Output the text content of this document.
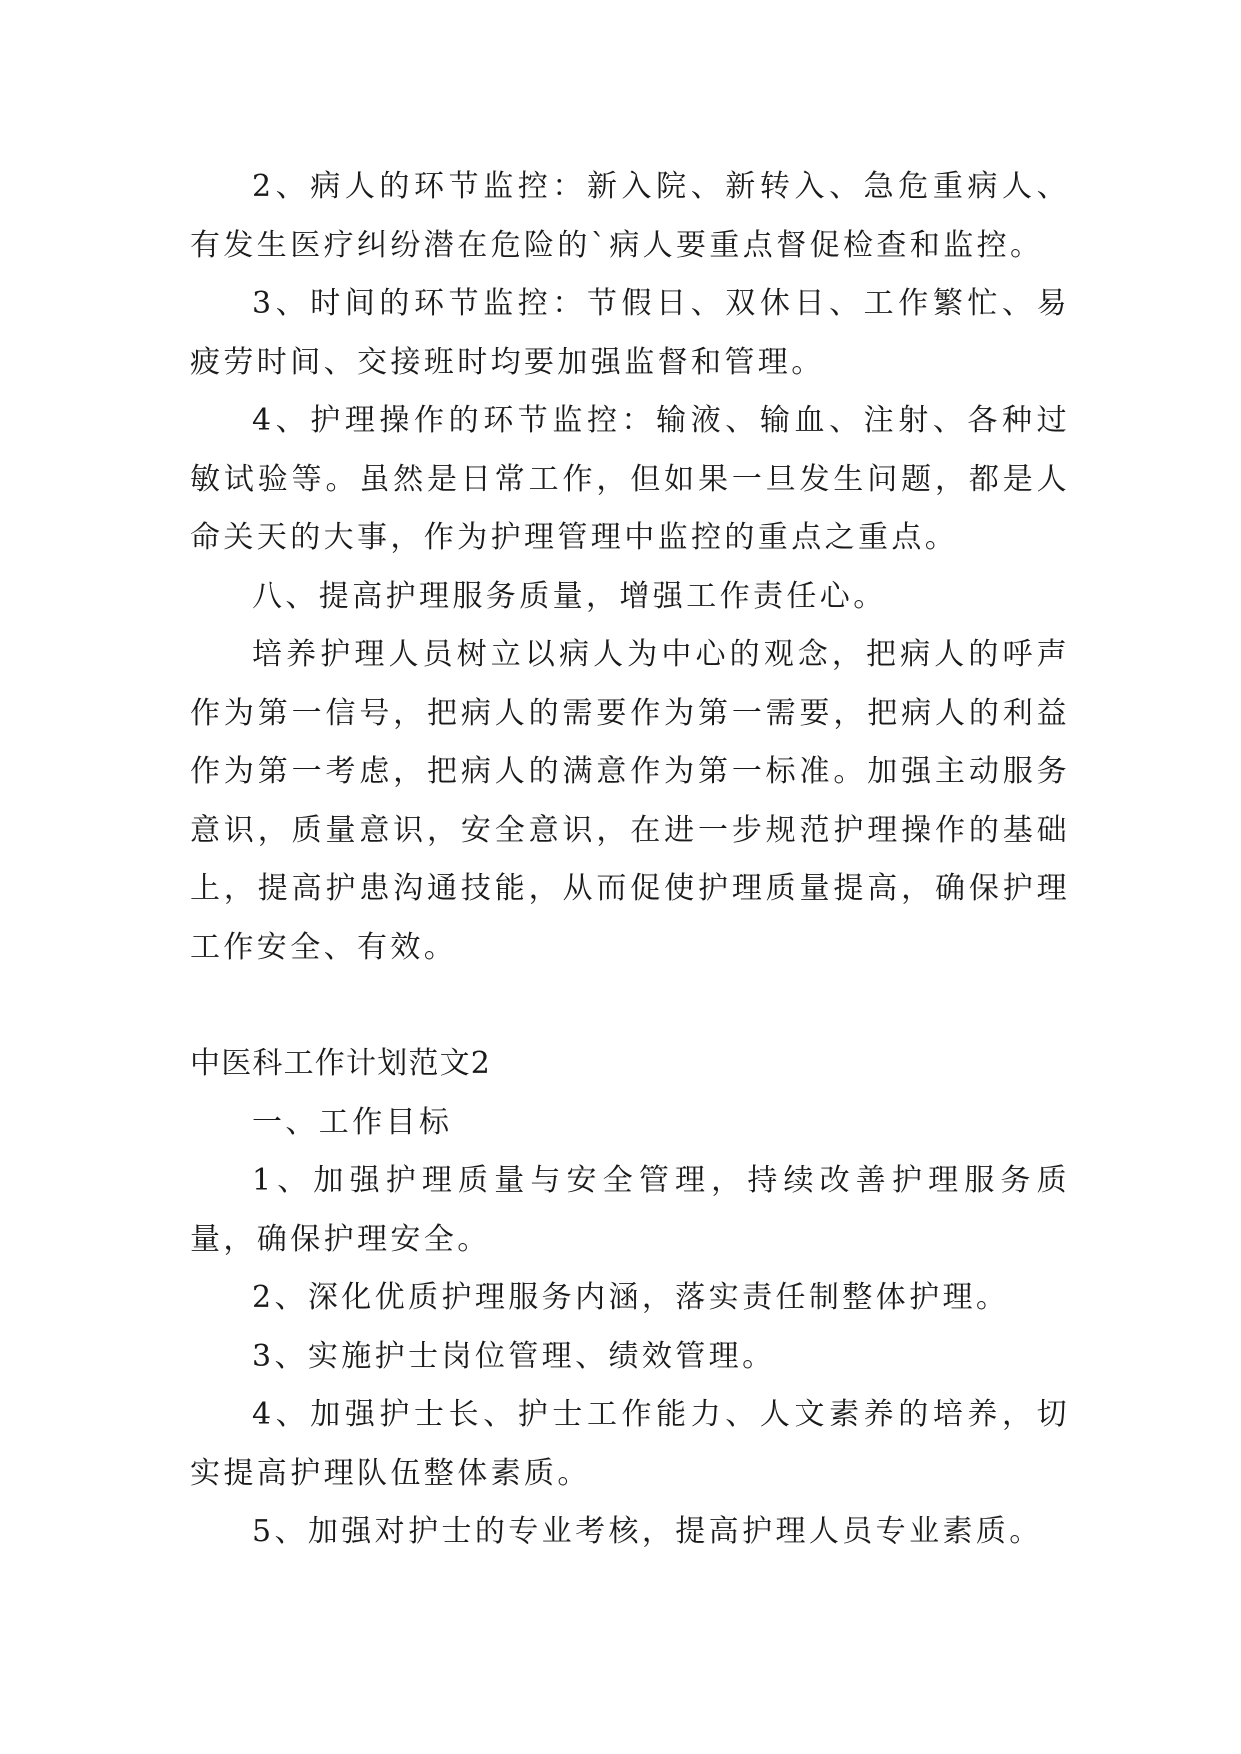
2、病人的环节监控：新入院、新转入、急危重病人、有发生医疗纠纷潜在危险的`病人要重点督促检查和监控。

3、时间的环节监控：节假日、双休日、工作繁忙、易疲劳时间、交接班时均要加强监督和管理。

4、护理操作的环节监控：输液、输血、注射、各种过敏试验等。虽然是日常工作，但如果一旦发生问题，都是人命关天的大事，作为护理管理中监控的重点之重点。

八、提高护理服务质量，增强工作责任心。

培养护理人员树立以病人为中心的观念，把病人的呼声作为第一信号，把病人的需要作为第一需要，把病人的利益作为第一考虑，把病人的满意作为第一标准。加强主动服务意识，质量意识，安全意识，在进一步规范护理操作的基础上，提高护患沟通技能，从而促使护理质量提高，确保护理工作安全、有效。

中医科工作计划范文2

一、工作目标

1、加强护理质量与安全管理，持续改善护理服务质量，确保护理安全。

2、深化优质护理服务内涵，落实责任制整体护理。

3、实施护士岗位管理、绩效管理。

4、加强护士长、护士工作能力、人文素养的培养，切实提高护理队伍整体素质。

5、加强对护士的专业考核，提高护理人员专业素质。
